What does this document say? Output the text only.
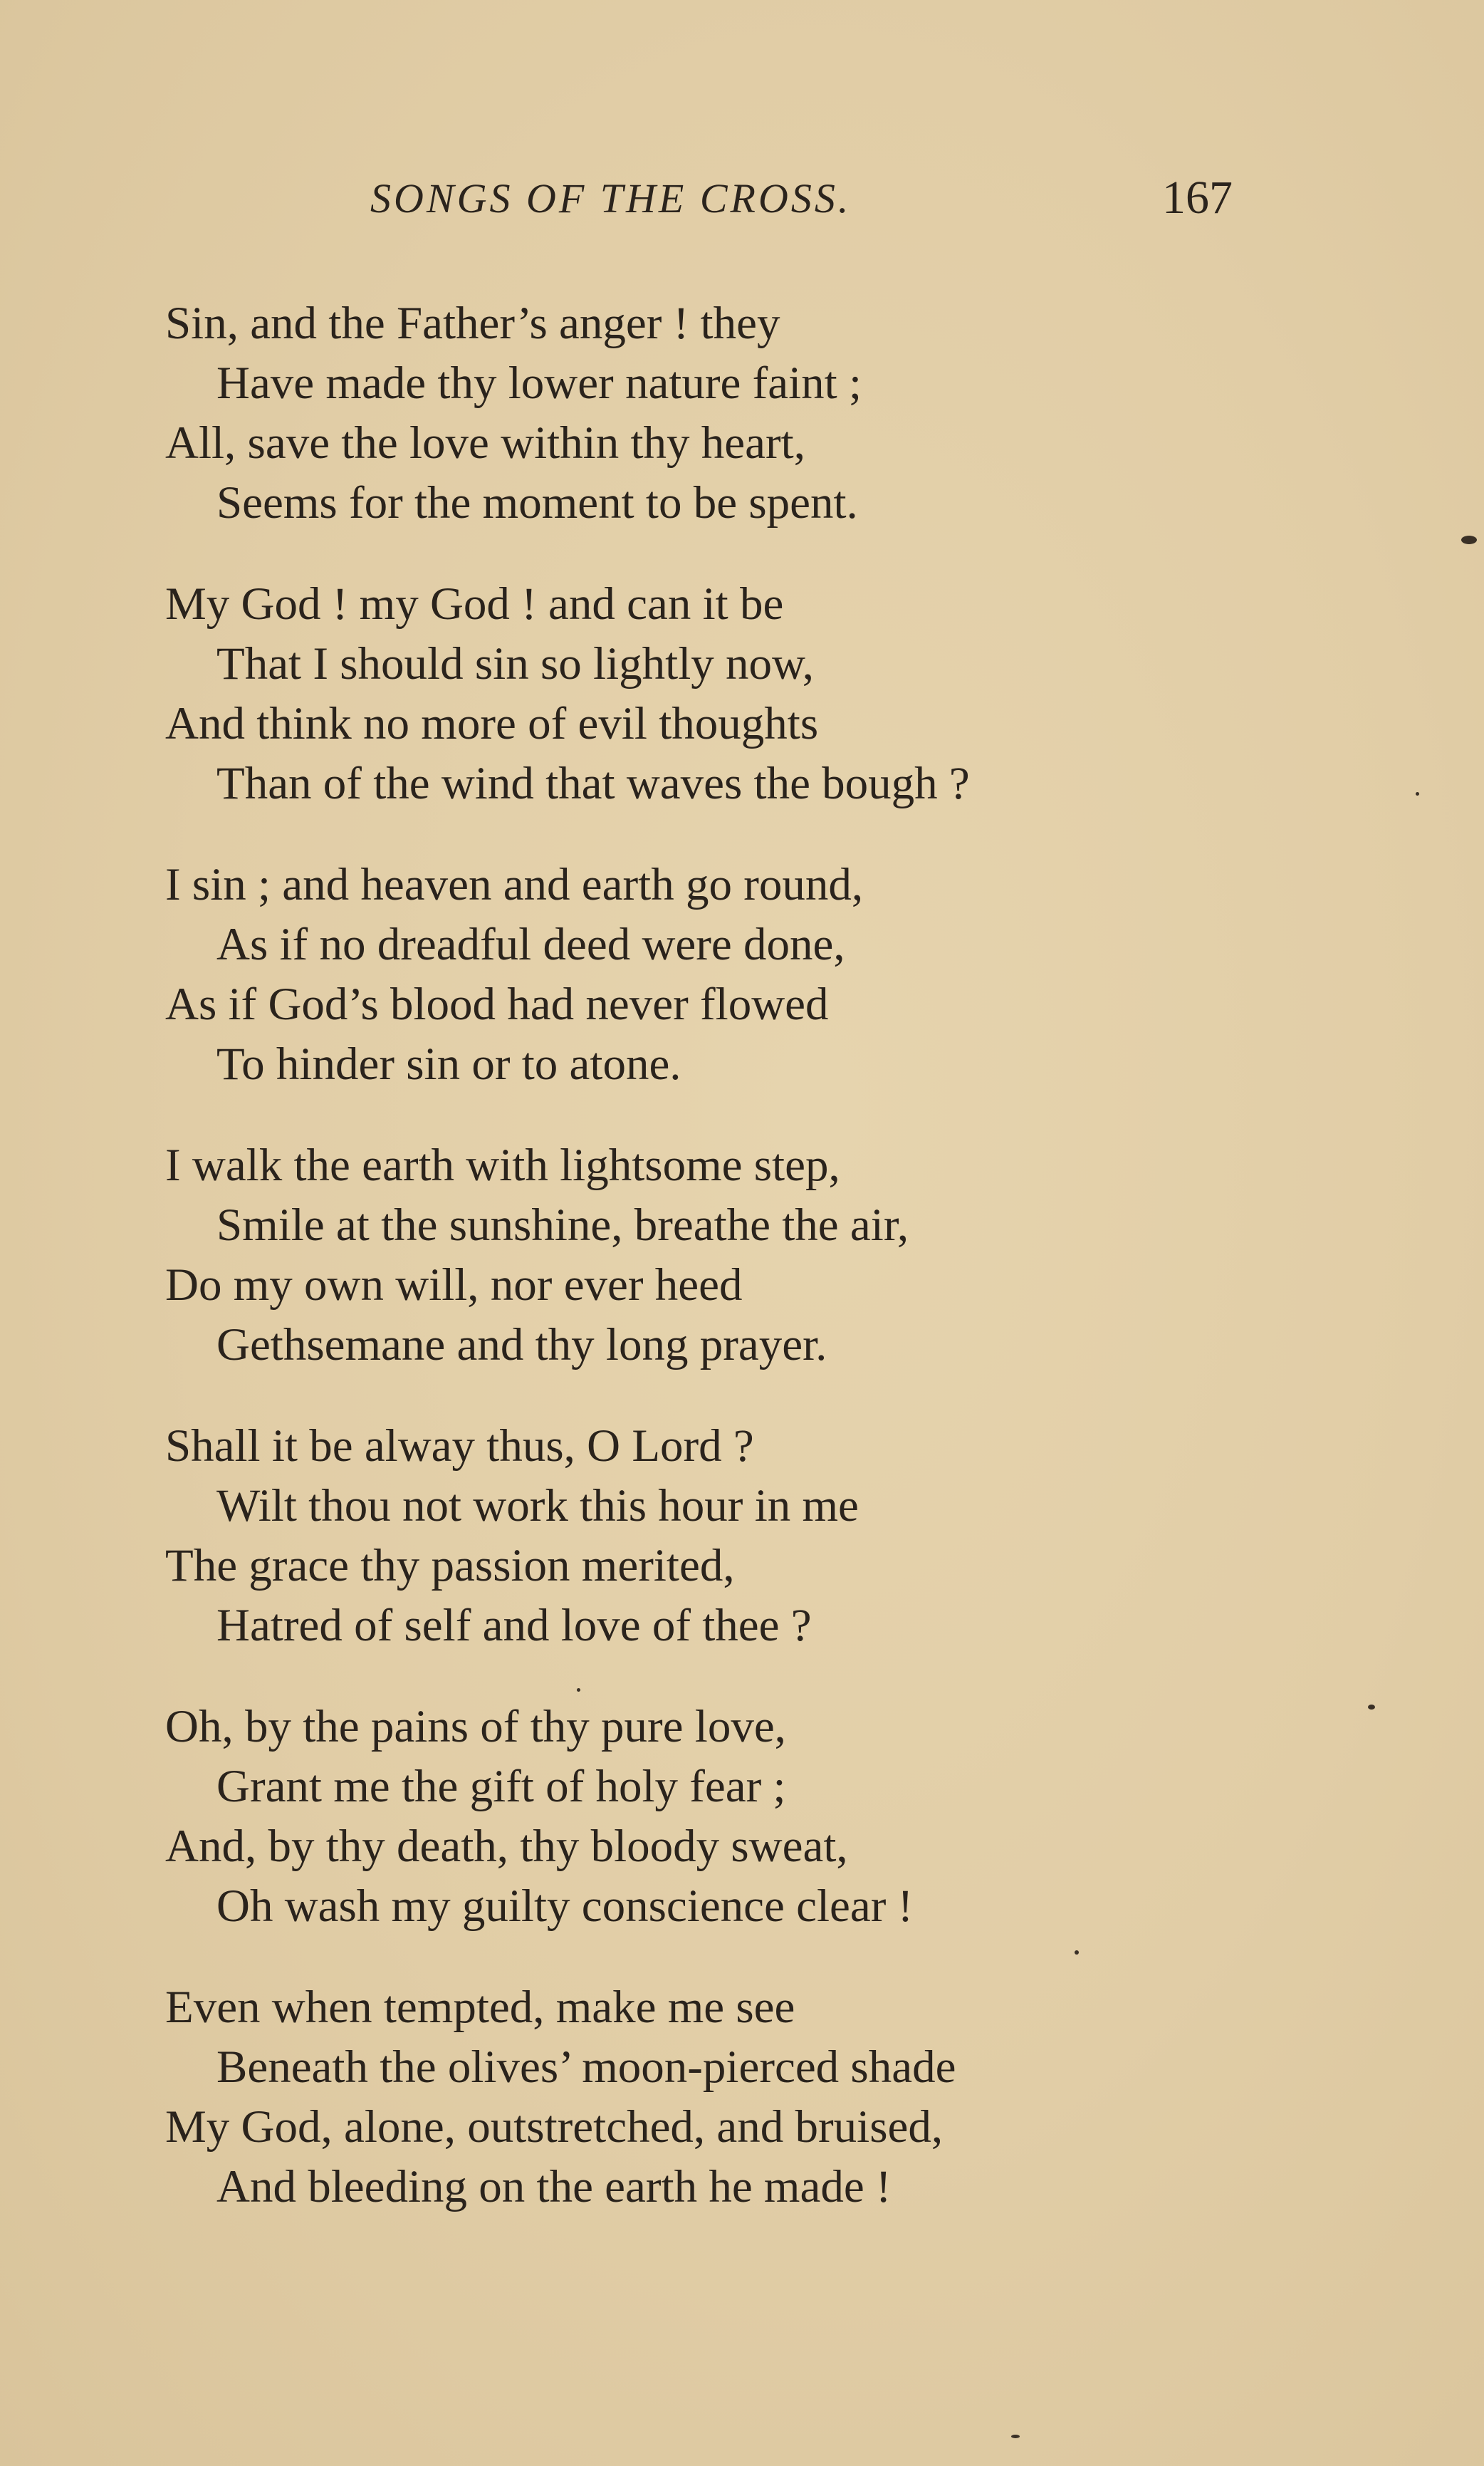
SONGS OF THE CROSS.	167
Sin, and the Father’s anger ! they
Have made thy lower nature faint ;
All, save the love within thy heart,
Seems for the moment to be spent.
My God ! my God ! and can it be
That I should sin so lightly now,
And think no more of evil thoughts
Than of the wind that waves the bough ?
I sin ; and heaven and earth go round,
As if no dreadful deed were done,
As if God’s blood had never flowed
To hinder sin or to atone.
I walk the earth with lightsome step,
Smile at the sunshine, breathe the air,
Do my own will, nor ever heed
Gethsemane and thy long prayer.
Shall it be alway thus, O Lord ?
Wilt thou not work this hour in me
The grace thy passion merited,
Hatred of self and love of thee ?
Oh, by the pains of thy pure love,
Grant me the gift of holy fear ;
And, by thy death, thy bloody sweat,
Oh wash my guilty conscience clear !
Even when tempted, make me see
Beneath the olives’ moon-pierced shade
My God, alone, outstretched, and bruised,
And bleeding on the earth he made !
